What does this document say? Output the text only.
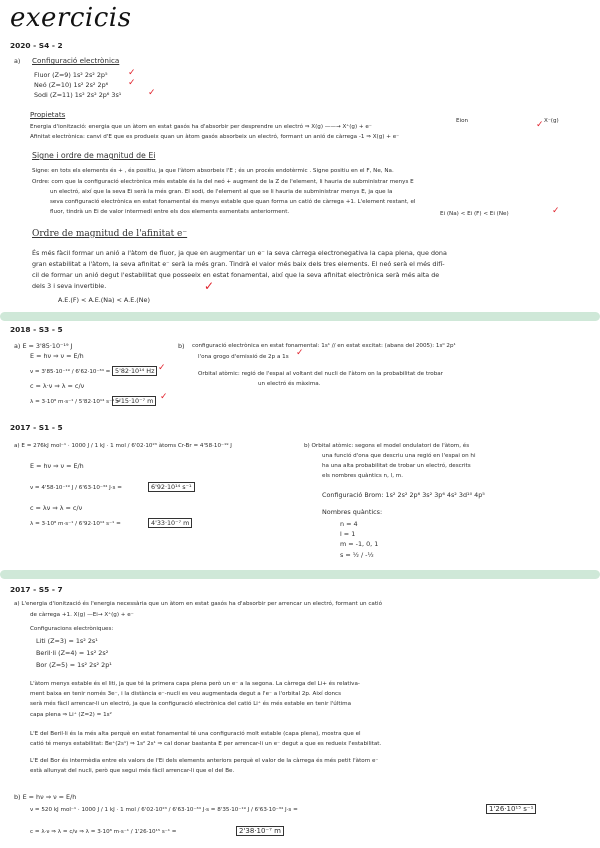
exercicis
2020 - S4 - 2
a) Configuració electrònica
Fluor (Z=9) 1s² 2s² 2p⁵
Neó (Z=10) 1s² 2s² 2p⁶
Sodi (Z=11) 1s² 2s² 2p⁶ 3s¹
✓
✓
✓
Propietats
Eion	X⁻(g)
Energia d'ionització: energia que un àtom en estat gasós ha d'absorbir per desprendre un electró ⇒ X(g) ——→ X⁺(g) + e⁻	✓
Afinitat electrònica: canvi d'E que es produeix quan un àtom gasós absorbeix un electró, formant un anió de càrrega -1 ⇒ X(g) + e⁻
Signe i ordre de magnitud de Ei
Signe: en tots els elements és + , és positiu, ja que l'àtom absorbeix l'E ; és un procés endotèrmic . Signe positiu en el F, Ne, Na.
Ordre: com que la configuració electrònica més estable és la del neó + augment de la Z de l'element, li hauria de subministrar menys E
un electró, així que la seva Ei serà la més gran. El sodi, de l'element al que se li hauria de subministrar menys E, ja que la
seva configuració electrònica en estat fonamental és menys estable que quan forma un catió de càrrega +1. L'element restant, el
fluor, tindrà un Ei de valor intermedi entre els dos elements esmentats anteriorment.	Ei (Na) < Ei (F) < Ei (Ne)	✓
Ordre de magnitud de l'afinitat e⁻
És més fàcil formar un anió a l'àtom de fluor, ja que en augmentar un e⁻ la seva càrrega electronegativa la capa plena, que dona
gran estabilitat a l'àtom, la seva afinitat e⁻ serà la més gran. Tindrà el valor més baix dels tres elements. El neó serà el més difí-
cil de formar un anió degut l'estabilitat que posseeix en estat fonamental, així que la seva afinitat electrònica serà més alta de
dels 3 i seva invertible.
A.E.(F) < A.E.(Na) < A.E.(Ne)
✓
2018 - S3 - 5
a) E = 3'85·10⁻¹⁹ J
E = hν ⇒ ν = E/h
ν = 3'85·10⁻¹⁹ / 6'62·10⁻³⁴ = 5'82·10¹⁴ Hz ✓
c = λ·ν ⇒ λ = c/ν
λ = 3·10⁸ m·s⁻¹ / 5'82·10¹⁴ s⁻¹ =
5'15·10⁻⁷ m ✓
b) configuració electrònica en estat fonamental: 1s¹ // en estat excitat: (abans del 2005): 1s⁰ 2p¹
l'ona grogo d'emissió de 2p a 1s ✓
Orbital atòmic: regió de l'espai al voltant del nucli de l'àtom on la probabilitat de trobar
un electró és màxima.
2017 - S1 - 5
a) E = 276kJ mol⁻¹ · 1000 J / 1 kJ · 1 mol / 6'02·10²³ àtoms Cr-Br = 4'58·10⁻¹⁹ J
E = hν ⇒ ν = E/h
ν = 4'58·10⁻¹⁹ J / 6'63·10⁻³⁴ J·s =	6'92·10¹⁴ s⁻¹
c = λν ⇒ λ = c/ν
λ = 3·10⁸ m·s⁻¹ / 6'92·10¹⁴ s⁻¹ =	4'33·10⁻⁷ m
b) Orbital atòmic: segons el model ondulatori de l'àtom, és
una funció d'ona que descriu una regió en l'espai on hi
ha una alta probabilitat de trobar un electró, descrits
els nombres quàntics n, l, m.
Configuració Brom: 1s² 2s² 2p⁶ 3s² 3p⁶ 4s² 3d¹⁰ 4p⁵
Nombres quàntics:
n = 4
l = 1
m = -1, 0, 1
s = ½ / -½
2017 - S5 - 7
a) L'energia d'ionització és l'energia necessària que un àtom en estat gasós ha d'absorbir per arrencar un electró, formant un catió
de càrrega +1. X(g) —Ei→ X⁺(g) + e⁻
Configuracions electròniques:
Liti (Z=3) = 1s² 2s¹
Beril·li (Z=4) = 1s² 2s²
Bor (Z=5) = 1s² 2s² 2p¹
L'àtom menys estable és el liti, ja que té la primera capa plena però un e⁻ a la segona. La càrrega del Li+ és relativa-
ment baixa en tenir només 3e⁻, i la distància e⁻-nucli es veu augmentada degut a l'e⁻ a l'orbital 2p. Així doncs
serà més fàcil arrencar-li un electró, ja que la configuració electrònica del catió Li⁺ és més estable en tenir l'última
capa plena ⇒ Li⁺ (Z=2) = 1s²
L'E del Beril·li és la més alta perquè en estat fonamental té una configuració molt estable (capa plena), mostra que el
catió té menys estabilitat: Be⁺(2s¹) ⇒ 1s² 2s¹ ⇒ cal donar bastanta E per arrencar-li un e⁻ degut a que es redueix l'estabilitat.
L'E del Bor és intermèdia entre els valors de l'Ei dels elements anteriors perquè el valor de la càrrega és més petit l'àtom e⁻
està allunyat del nucli, però que segui més fàcil arrencar-li que el del Be.
b) E = hν ⇒ ν = E/h
ν = 520 kJ mol⁻¹ · 1000 J / 1 kJ · 1 mol / 6'02·10²³ / 6'63·10⁻³⁴ J·s = 8'35·10⁻¹⁹ J / 6'63·10⁻³⁴ J·s =	1'26·10¹⁵ s⁻¹
c = λ·ν ⇒ λ = c/ν ⇒ λ = 3·10⁸ m·s⁻¹ / 1'26·10¹⁵ s⁻¹ =	2'38·10⁻⁷ m
